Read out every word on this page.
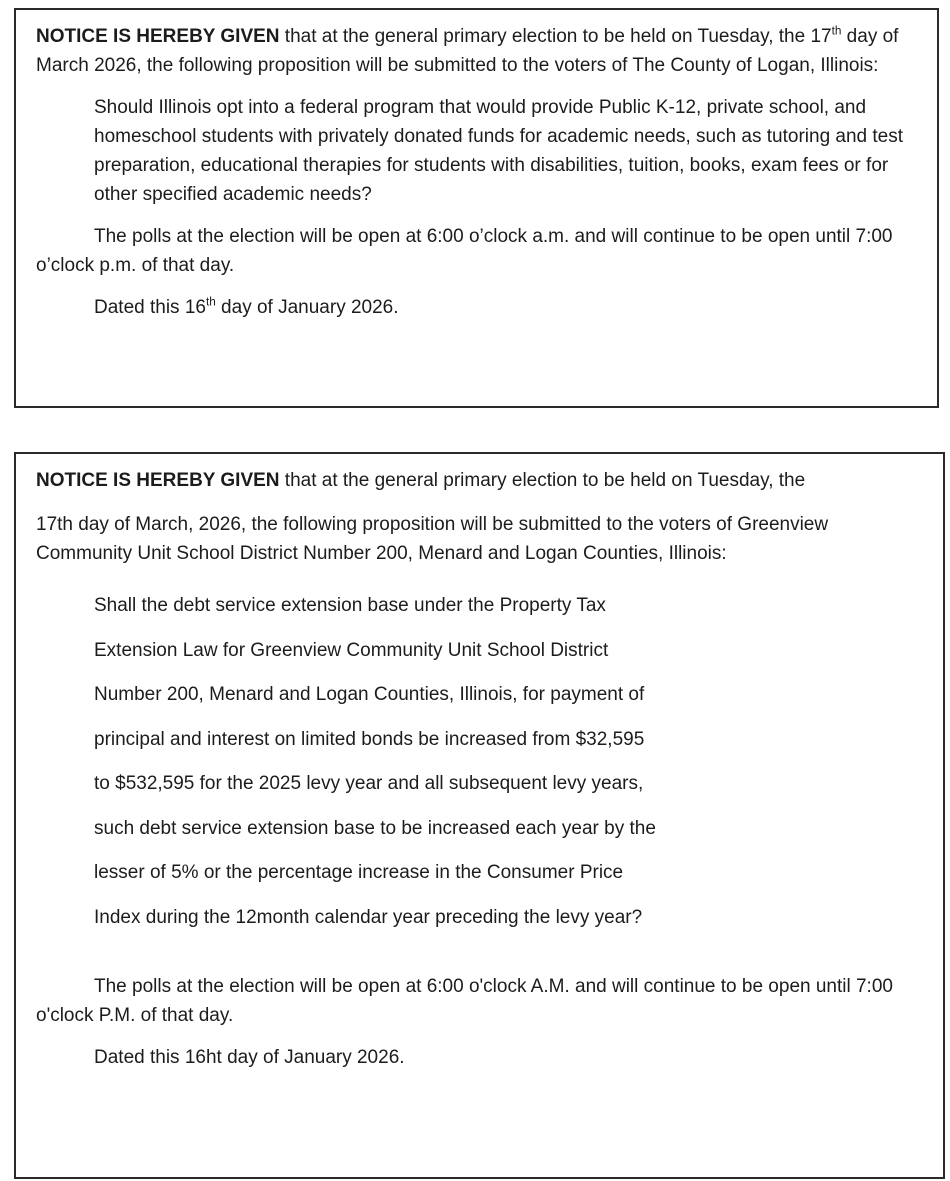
NOTICE IS HEREBY GIVEN that at the general primary election to be held on Tuesday, the 17th day of March 2026, the following proposition will be submitted to the voters of The County of Logan, Illinois:

Should Illinois opt into a federal program that would provide Public K-12, private school, and homeschool students with privately donated funds for academic needs, such as tutoring and test preparation, educational therapies for students with disabilities, tuition, books, exam fees or for other specified academic needs?

The polls at the election will be open at 6:00 o’clock a.m. and will continue to be open until 7:00 o’clock p.m. of that day.

Dated this 16th day of January 2026.

NOTICE IS HEREBY GIVEN that at the general primary election to be held on Tuesday, the

17th day of March, 2026, the following proposition will be submitted to the voters of Greenview Community Unit School District Number 200, Menard and Logan Counties, Illinois:

Shall the debt service extension base under the Property Tax
Extension Law for Greenview Community Unit School District
Number 200, Menard and Logan Counties, Illinois, for payment of
principal and interest on limited bonds be increased from $32,595
to $532,595 for the 2025 levy year and all subsequent levy years,
such debt service extension base to be increased each year by the
lesser of 5% or the percentage increase in the Consumer Price
Index during the 12month calendar year preceding the levy year?

The polls at the election will be open at 6:00 o'clock A.M. and will continue to be open until 7:00 o'clock P.M. of that day.

Dated this 16ht day of January 2026.
